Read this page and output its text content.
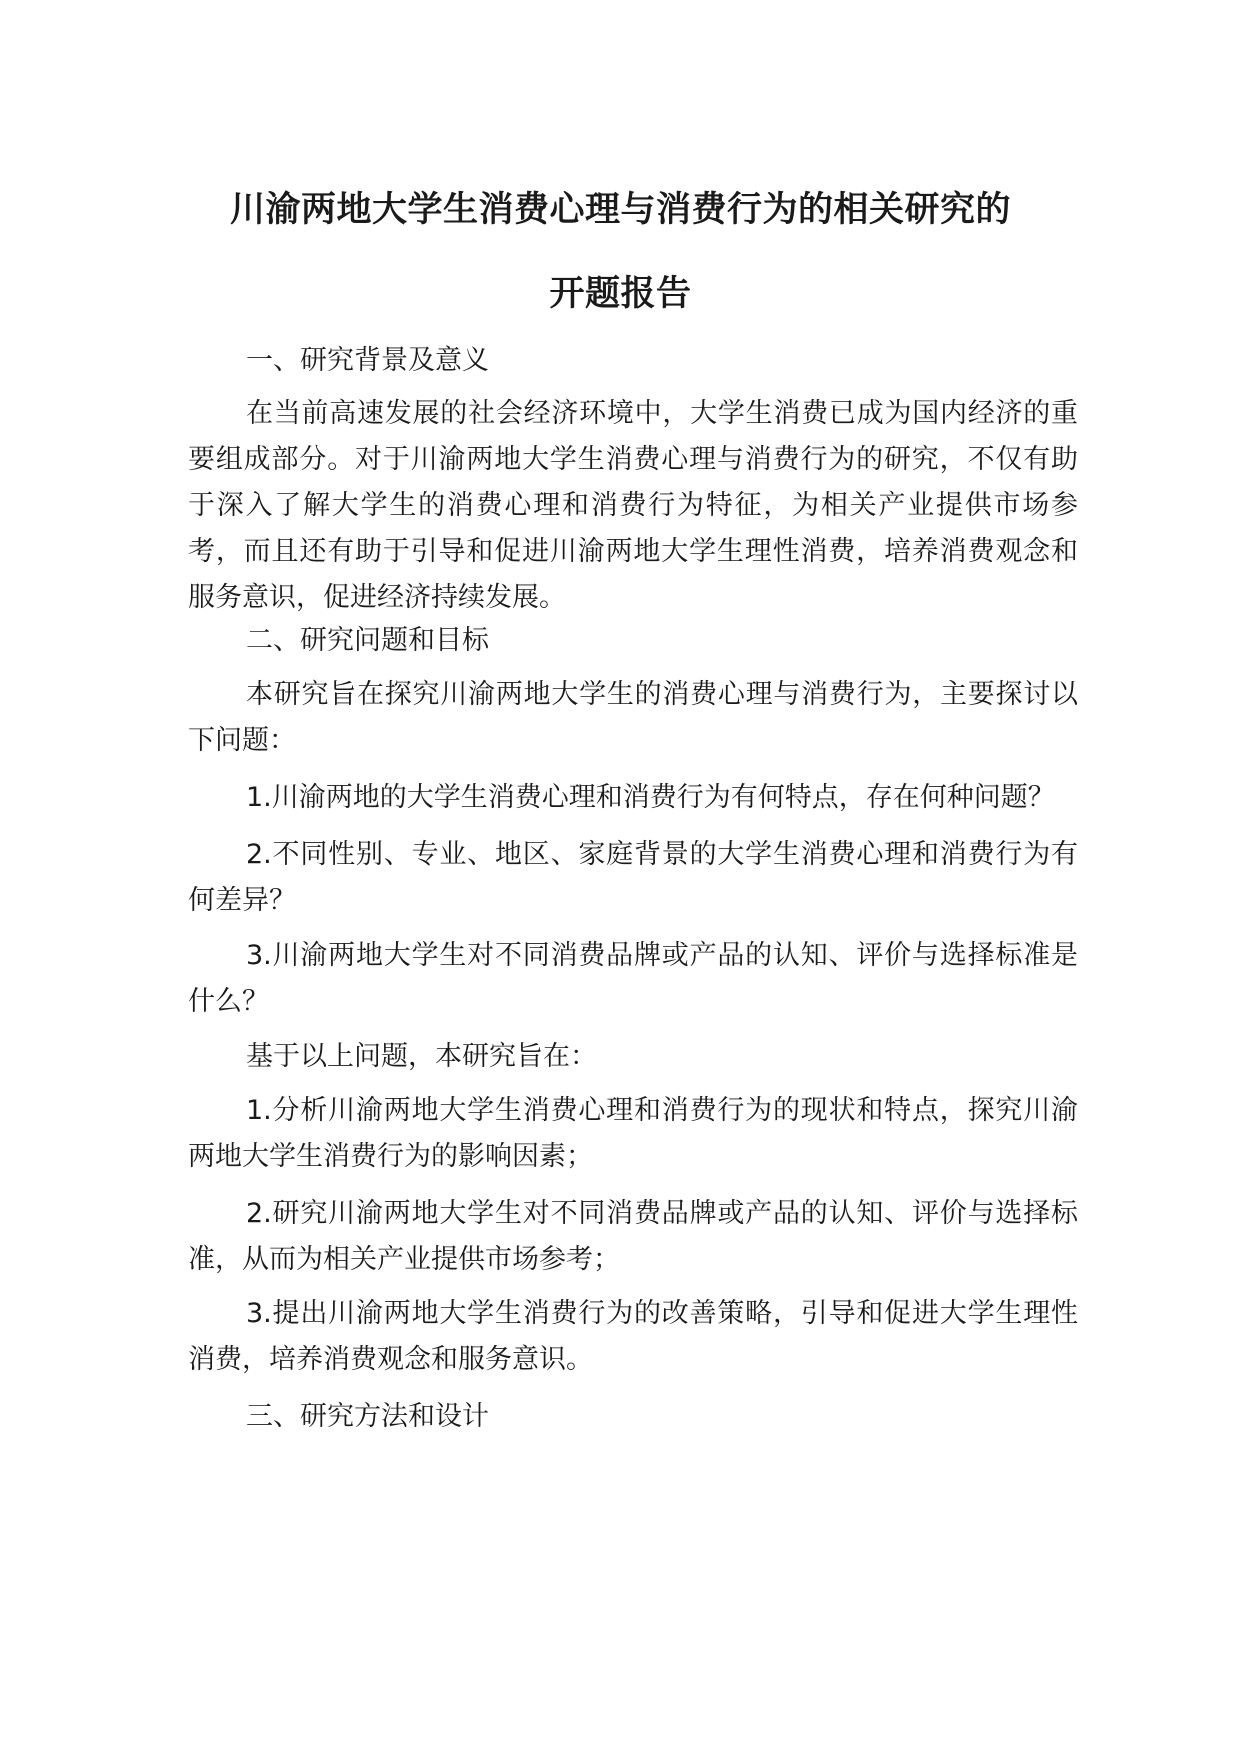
川渝两地大学生消费心理与消费行为的相关研究的
开题报告
一、研究背景及意义
在当前高速发展的社会经济环境中，大学生消费已成为国内经济的重要组成部分。对于川渝两地大学生消费心理与消费行为的研究，不仅有助于深入了解大学生的消费心理和消费行为特征，为相关产业提供市场参考，而且还有助于引导和促进川渝两地大学生理性消费，培养消费观念和服务意识，促进经济持续发展。
二、研究问题和目标
本研究旨在探究川渝两地大学生的消费心理与消费行为，主要探讨以下问题：
1.川渝两地的大学生消费心理和消费行为有何特点，存在何种问题？
2.不同性别、专业、地区、家庭背景的大学生消费心理和消费行为有何差异？
3.川渝两地大学生对不同消费品牌或产品的认知、评价与选择标准是什么？
基于以上问题，本研究旨在：
1.分析川渝两地大学生消费心理和消费行为的现状和特点，探究川渝两地大学生消费行为的影响因素；
2.研究川渝两地大学生对不同消费品牌或产品的认知、评价与选择标准，从而为相关产业提供市场参考；
3.提出川渝两地大学生消费行为的改善策略，引导和促进大学生理性消费，培养消费观念和服务意识。
三、研究方法和设计
